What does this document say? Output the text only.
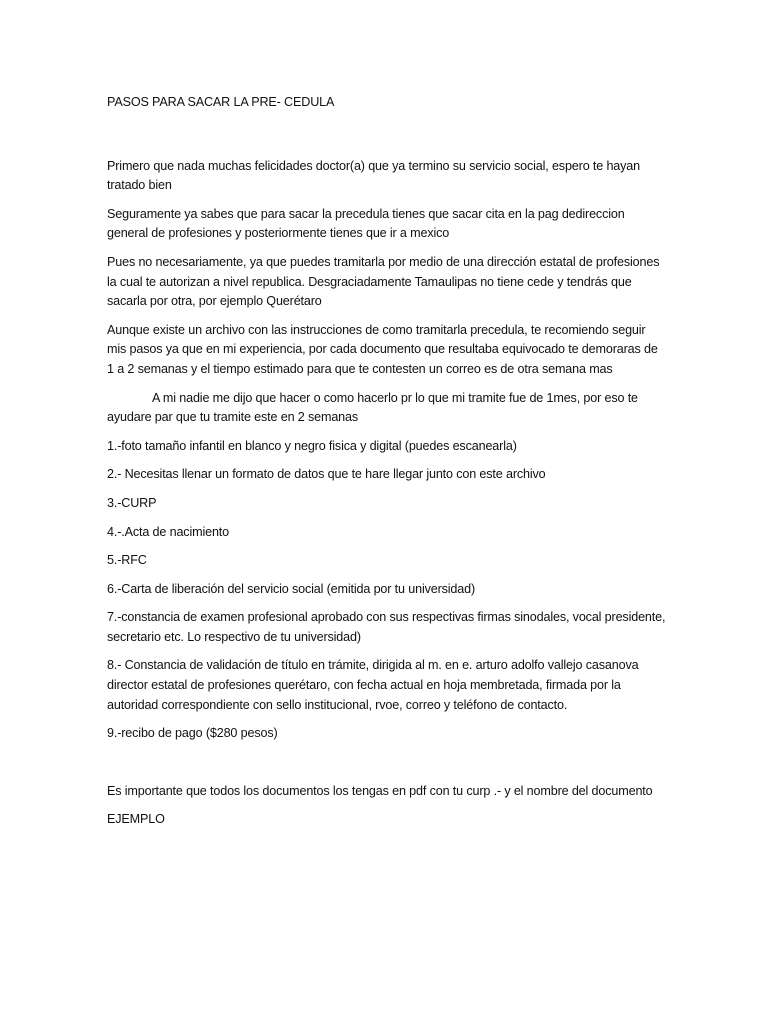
PASOS PARA SACAR LA PRE- CEDULA

Primero que nada muchas felicidades doctor(a) que ya termino su servicio social, espero te hayan tratado bien

Seguramente ya sabes que para sacar la precedula tienes que sacar cita en la pag dedireccion general de profesiones y posteriormente tienes que ir a mexico

Pues no necesariamente, ya que puedes tramitarla por medio de una dirección estatal de profesiones la cual te autorizan a nivel republica. Desgraciadamente Tamaulipas no tiene cede y tendrás que sacarla por otra, por ejemplo Querétaro

Aunque existe un archivo con las instrucciones de como tramitarla precedula, te recomiendo seguir mis pasos ya que en mi experiencia, por cada documento que resultaba equivocado te demoraras de 1 a 2 semanas y el tiempo estimado para que te contesten un correo es de otra semana mas

A mi nadie me dijo que hacer o como hacerlo pr lo que mi tramite fue de 1mes, por eso te ayudare par que tu tramite este en 2 semanas

1.-foto tamaño infantil en blanco y negro fisica y digital (puedes escanearla)

2.- Necesitas llenar un formato de datos que te hare llegar junto con este archivo

3.-CURP

4.-.Acta de nacimiento

5.-RFC

6.-Carta de liberación del servicio social (emitida por tu universidad)

7.-constancia de examen profesional aprobado con sus respectivas firmas sinodales, vocal presidente, secretario etc. Lo respectivo de tu universidad)

8.- Constancia de validación de título en trámite, dirigida al m. en e. arturo adolfo vallejo casanova director estatal de profesiones querétaro, con fecha actual en hoja membretada, firmada por la autoridad correspondiente con sello institucional, rvoe, correo y teléfono de contacto.

9.-recibo de pago ($280 pesos)

Es importante que todos los documentos los tengas en pdf con tu curp .- y el nombre del documento

EJEMPLO
